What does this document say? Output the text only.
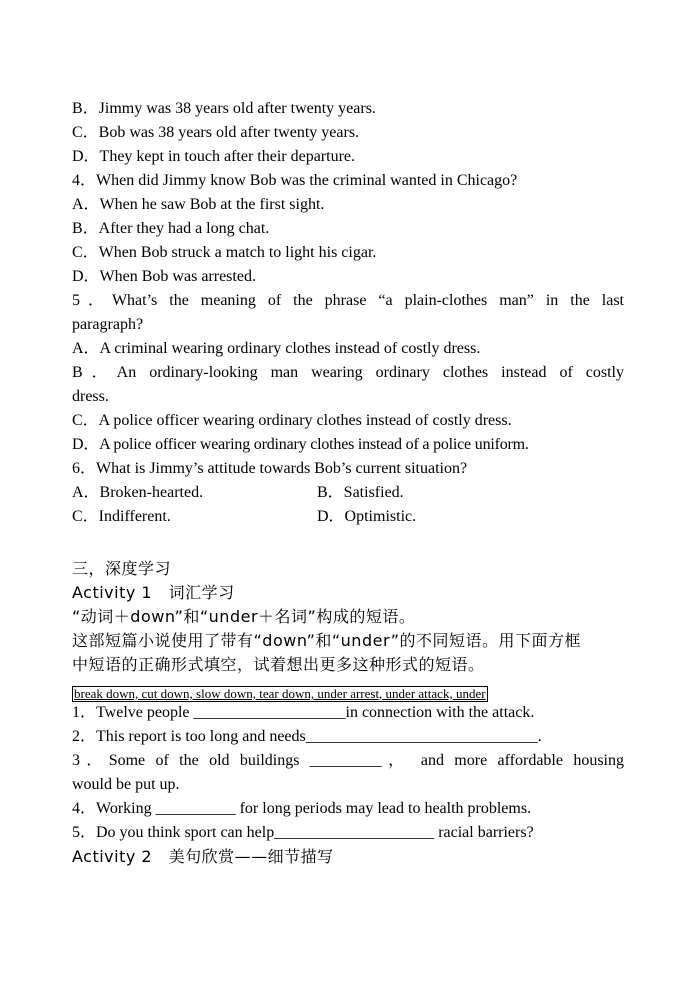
B．Jimmy was 38 years old after twenty years.
C．Bob was 38 years old after twenty years.
D．They kept in touch after their departure.
4．When did Jimmy know Bob was the criminal wanted in Chicago?
A．When he saw Bob at the first sight.
B．After they had a long chat.
C．When Bob struck a match to light his cigar.
D．When Bob was arrested.
5．What’s the meaning of the phrase “a plain-clothes man” in the last
paragraph?
A．A criminal wearing ordinary clothes instead of costly dress.
B．An ordinary-looking man wearing ordinary clothes instead of costly
dress.
C．A police officer wearing ordinary clothes instead of costly dress.
D．A police officer wearing ordinary clothes instead of a police uniform.
6．What is Jimmy’s attitude towards Bob’s current situation?
A．Broken-hearted.	B．Satisfied.
C．Indifferent.	D．Optimistic.
三，深度学习
Activity 1　词汇学习
“动词＋down”和“under＋名词”构成的短语。
这部短篇小说使用了带有“down”和“under”的不同短语。用下面方框
中短语的正确形式填空，试着想出更多这种形式的短语。
break down, cut down, slow down, tear down, under arrest, under attack, under
1．Twelve people ___________________in connection with the attack.
2．This report is too long and needs_____________________________.
3．Some of the old buildings _________， and more affordable housing
would be put up.
4．Working __________ for long periods may lead to health problems.
5．Do you think sport can help____________________ racial barriers?
Activity 2　美句欣赏——细节描写
